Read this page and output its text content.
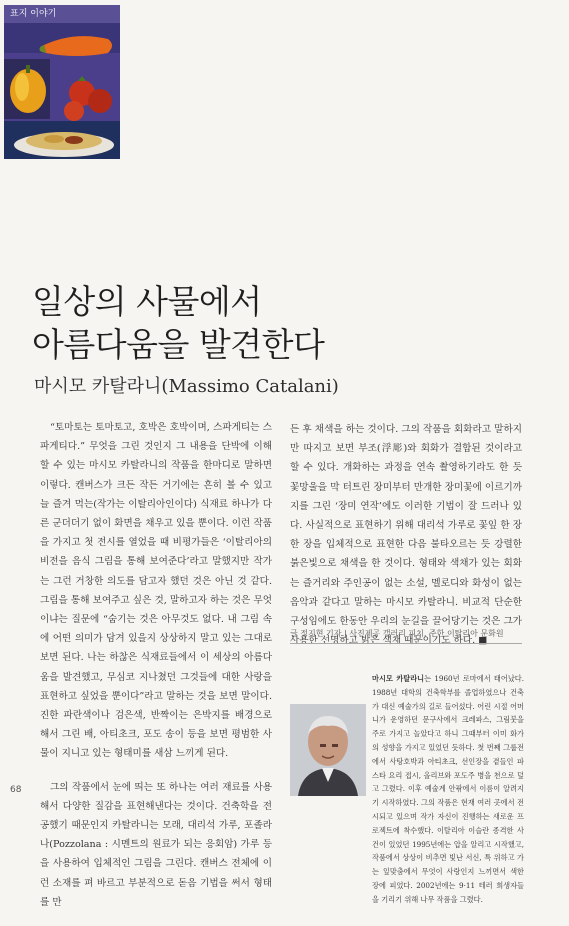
표지 이야기
일상의 사물에서
아름다움을 발견한다
마시모 카탈라니(Massimo Catalani)

“토마토는 토마토고, 호박은 호박이며, 스파게티는 스파게티다.” 무엇을 그린 것인지 그 내용을 단박에 이해할 수 있는 마시모 카탈라니의 작품을 한마디로 말하면 이렇다. 캔버스가 크든 작든 거기에는 흔히 볼 수 있고 늘 즐겨 먹는(작가는 이탈리아인이다) 식재료 하나가 다른 군더더기 없이 화면을 채우고 있을 뿐이다. 이런 작품을 가지고 첫 전시를 열었을 때 비평가들은 ‘이탈리아의 비전을 음식 그림을 통해 보여준다’라고 말했지만 작가는 그런 거창한 의도를 담고자 했던 것은 아닌 것 같다. 그림을 통해 보여주고 싶은 것, 말하고자 하는 것은 무엇이냐는 질문에 “숨기는 것은 아무것도 없다. 내 그림 속에 어떤 의미가 담겨 있을지 상상하지 말고 있는 그대로 보면 된다. 나는 하찮은 식재료들에서 이 세상의 아름다움을 발견했고, 무심코 지나쳤던 그것들에 대한 사랑을 표현하고 싶었을 뿐이다”라고 말하는 것을 보면 말이다. 진한 파란색이나 검은색, 반짝이는 은박지를 배경으로 해서 그린 배, 아티초크, 포도 송이 등을 보면 평범한 사물이 지니고 있는 형태미를 새삼 느끼게 된다.

그의 작품에서 눈에 띄는 또 하나는 여러 재료를 사용해서 다양한 질감을 표현해낸다는 것이다. 건축학을 전공했기 때문인지 카탈라니는 모래, 대리석 가루, 포졸라나(Pozzolana : 시멘트의 원료가 되는 응회암) 가루 등을 사용하여 입체적인 그림을 그린다. 캔버스 전체에 이런 소재를 펴 바르고 부분적으로 돋음 기법을 써서 형태를 만

든 후 채색을 하는 것이다. 그의 작품을 회화라고 말하지만 따지고 보면 부조(浮彫)와 회화가 결합된 것이라고 할 수 있다. 개화하는 과정을 연속 촬영하기라도 한 듯 꽃망울을 막 터트린 장미부터 만개한 장미꽃에 이르기까지를 그린 ‘장미 연작’에도 이러한 기법이 잘 드러나 있다. 사실적으로 표현하기 위해 대리석 가루로 꽃잎 한 장 한 장을 입체적으로 표현한 다음 불타오르는 듯 강렬한 붉은빛으로 채색을 한 것이다. 형태와 색채가 있는 회화는 즐거리와 주인공이 없는 소설, 멜로디와 화성이 없는 음악과 같다고 말하는 마시모 카탈라니. 비교적 단순한 구성임에도 한동안 우리의 눈길을 끌어당기는 것은 그가 사용한 선명하고 밝은 색채 때문이기도 하다. ■

글 정지현 기자 | 사진제공 갤러리 피치, 주한 이탈리아 문화원
마시모 카탈라니는 1960년 로마에서 태어났다. 1988년 대학의 건축학부를 졸업하였으나 건축가 대신 예술가의 길로 들어섰다. 어린 시절 어머니가 운영하던 문구사에서 크레파스, 그림붓을 주로 가지고 놀았다고 하니 그때부터 이미 화가의 성향을 가지고 있었던 듯하다. 첫 번째 그룹전에서 사탕호박과 아티초크, 선인장을 곁들인 파스타 요리 접시, 올리브와 포도주 병을 천으로 덮고 그렸다. 이후 예술계 안팎에서 이름이 알려지기 시작하였다. 그의 작품은 현재 여러 곳에서 전시되고 있으며 작가 자신이 진행하는 새로운 프로젝트에 착수했다. 이탈리아 이슬란 종격한 사건이 있었던 1995년에는 압을 알리고 시작했고, 작품에서 상상이 비추면 빛난 서신, 특 위하고 가는 잎맞춤에서 무엇이 사랑인지 느끼면서 색한 장에 피었다. 2002년에는 9·11 테러 희생자들을 기리기 위해 나무 작품을 그렸다.
68
